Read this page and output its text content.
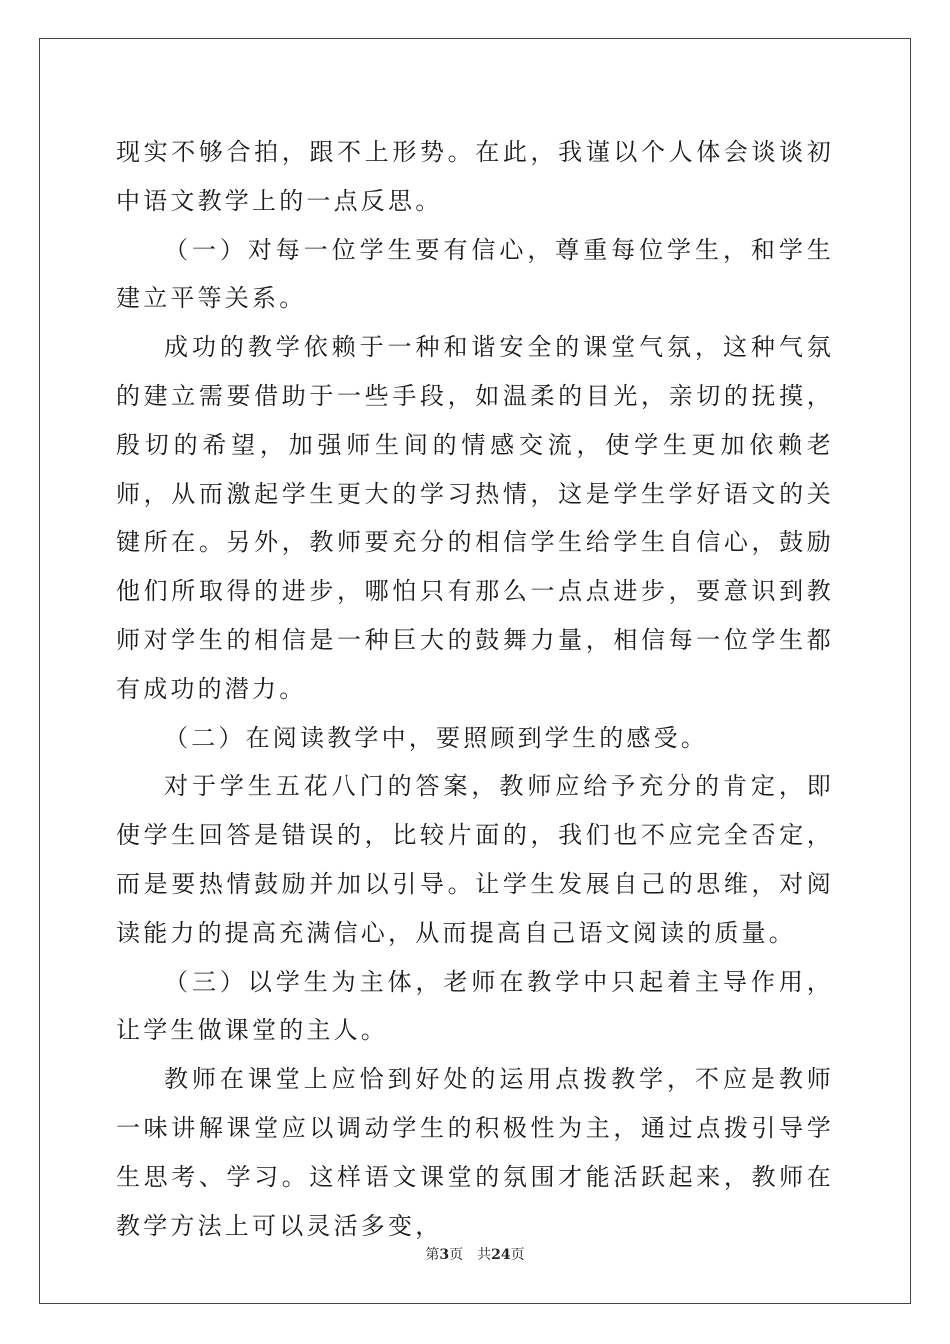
现实不够合拍，跟不上形势。在此，我谨以个人体会谈谈初中语文教学上的一点反思。

（一）对每一位学生要有信心，尊重每位学生，和学生建立平等关系。

成功的教学依赖于一种和谐安全的课堂气氛，这种气氛的建立需要借助于一些手段，如温柔的目光，亲切的抚摸，殷切的希望，加强师生间的情感交流，使学生更加依赖老师，从而激起学生更大的学习热情，这是学生学好语文的关键所在。另外，教师要充分的相信学生给学生自信心，鼓励他们所取得的进步，哪怕只有那么一点点进步，要意识到教师对学生的相信是一种巨大的鼓舞力量，相信每一位学生都有成功的潜力。

（二）在阅读教学中，要照顾到学生的感受。

对于学生五花八门的答案，教师应给予充分的肯定，即使学生回答是错误的，比较片面的，我们也不应完全否定，而是要热情鼓励并加以引导。让学生发展自己的思维，对阅读能力的提高充满信心，从而提高自己语文阅读的质量。

（三）以学生为主体，老师在教学中只起着主导作用，让学生做课堂的主人。

教师在课堂上应恰到好处的运用点拨教学，不应是教师一味讲解课堂应以调动学生的积极性为主，通过点拨引导学生思考、学习。这样语文课堂的氛围才能活跃起来，教师在教学方法上可以灵活多变，

第3页 共24页
